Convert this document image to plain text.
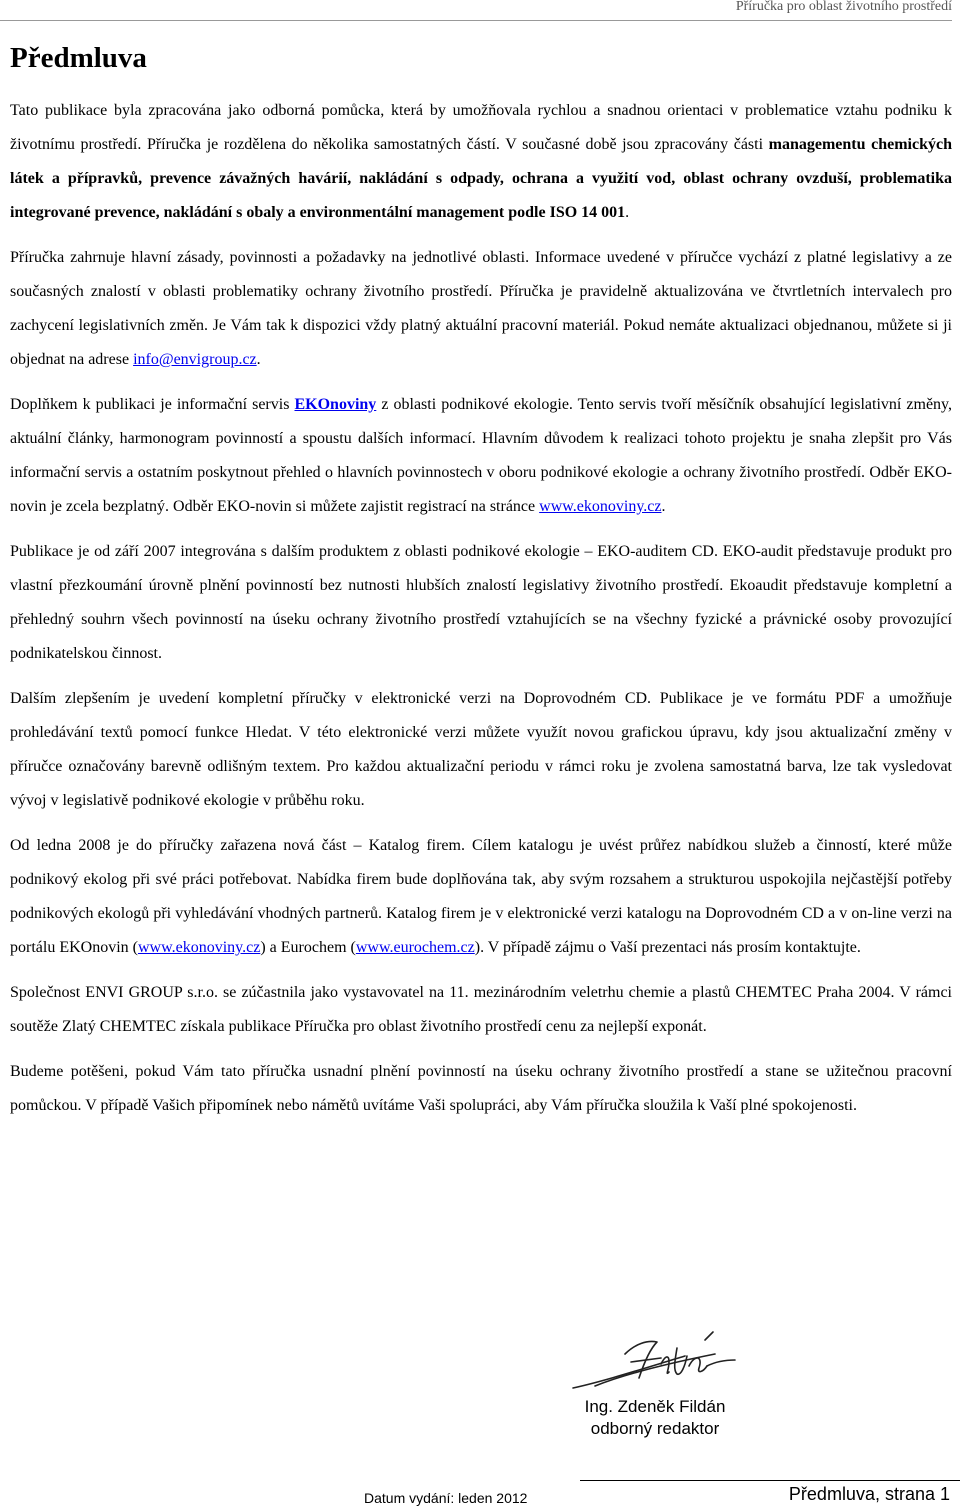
Příručka pro oblast životního prostředí
Předmluva

Tato publikace byla zpracována jako odborná pomůcka, která by umožňovala rychlou a snadnou orientaci v problematice vztahu podniku k životnímu prostředí. Příručka je rozdělena do několika samostatných částí. V současné době jsou zpracovány části managementu chemických látek a přípravků, prevence závažných havárií, nakládání s odpady, ochrana a využití vod, oblast ochrany ovzduší, problematika integrované prevence, nakládání s obaly a environmentální management podle ISO 14 001.

Příručka zahrnuje hlavní zásady, povinnosti a požadavky na jednotlivé oblasti. Informace uvedené v příručce vychází z platné legislativy a ze současných znalostí v oblasti problematiky ochrany životního prostředí. Příručka je pravidelně aktualizována ve čtvrtletních intervalech pro zachycení legislativních změn. Je Vám tak k dispozici vždy platný aktuální pracovní materiál. Pokud nemáte aktualizaci objednanou, můžete si ji objednat na adrese info@envigroup.cz.

Doplňkem k publikaci je informační servis EKOnoviny z oblasti podnikové ekologie. Tento servis tvoří měsíčník obsahující legislativní změny, aktuální články, harmonogram povinností a spoustu dalších informací. Hlavním důvodem k realizaci tohoto projektu je snaha zlepšit pro Vás informační servis a ostatním poskytnout přehled o hlavních povinnostech v oboru podnikové ekologie a ochrany životního prostředí. Odběr EKO-novin je zcela bezplatný. Odběr EKO-novin si můžete zajistit registrací na stránce www.ekonoviny.cz.

Publikace je od září 2007 integrována s dalším produktem z oblasti podnikové ekologie – EKO-auditem CD. EKO-audit představuje produkt pro vlastní přezkoumání úrovně plnění povinností bez nutnosti hlubších znalostí legislativy životního prostředí. Ekoaudit představuje kompletní a přehledný souhrn všech povinností na úseku ochrany životního prostředí vztahujících se na všechny fyzické a právnické osoby provozující podnikatelskou činnost.

Dalším zlepšením je uvedení kompletní příručky v elektronické verzi na Doprovodném CD. Publikace je ve formátu PDF a umožňuje prohledávání textů pomocí funkce Hledat. V této elektronické verzi můžete využít novou grafickou úpravu, kdy jsou aktualizační změny v příručce označovány barevně odlišným textem. Pro každou aktualizační periodu v rámci roku je zvolena samostatná barva, lze tak vysledovat vývoj v legislativě podnikové ekologie v průběhu roku.

Od ledna 2008 je do příručky zařazena nová část – Katalog firem. Cílem katalogu je uvést průřez nabídkou služeb a činností, které může podnikový ekolog při své práci potřebovat. Nabídka firem bude doplňována tak, aby svým rozsahem a strukturou uspokojila nejčastější potřeby podnikových ekologů při vyhledávání vhodných partnerů. Katalog firem je v elektronické verzi katalogu na Doprovodném CD a v on-line verzi na portálu EKOnovin (www.ekonoviny.cz) a Eurochem (www.eurochem.cz). V případě zájmu o Vaší prezentaci nás prosím kontaktujte.

Společnost ENVI GROUP s.r.o. se zúčastnila jako vystavovatel na 11. mezinárodním veletrhu chemie a plastů CHEMTEC Praha 2004. V rámci soutěže Zlatý CHEMTEC získala publikace Příručka pro oblast životního prostředí cenu za nejlepší exponát.

Budeme potěšeni, pokud Vám tato příručka usnadní plnění povinností na úseku ochrany životního prostředí a stane se užitečnou pracovní pomůckou. V případě Vašich připomínek nebo námětů uvítáme Vaši spolupráci, aby Vám příručka sloužila k Vaší plné spokojenosti.

Ing. Zdeněk Fildán
odborný redaktor
Datum vydání: leden 2012	Předmluva, strana 1
